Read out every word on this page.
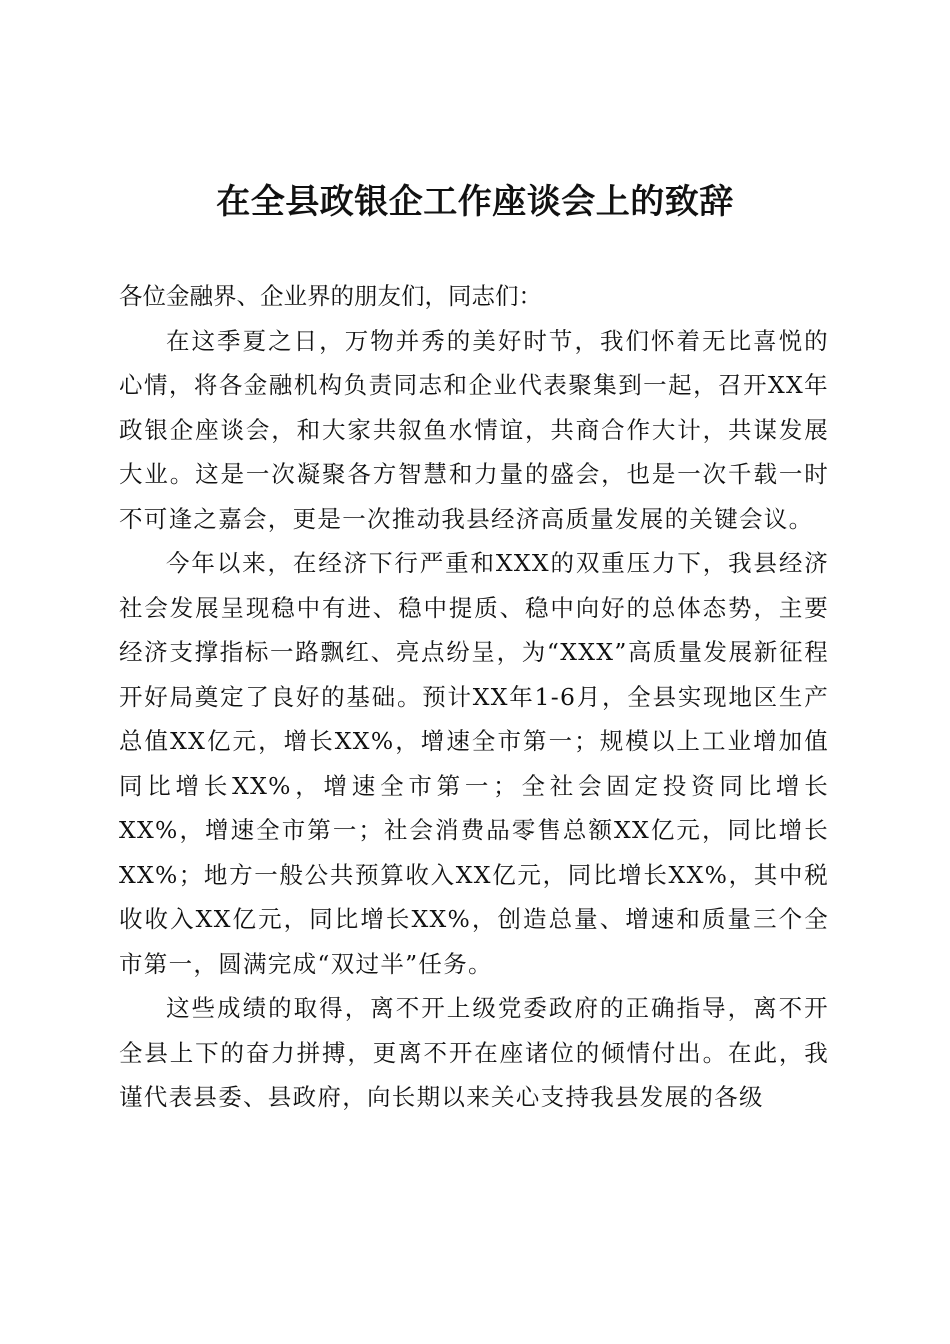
在全县政银企工作座谈会上的致辞

各位金融界、企业界的朋友们，同志们：

在这季夏之日，万物并秀的美好时节，我们怀着无比喜悦的心情，将各金融机构负责同志和企业代表聚集到一起，召开XX年政银企座谈会，和大家共叙鱼水情谊，共商合作大计，共谋发展大业。这是一次凝聚各方智慧和力量的盛会，也是一次千载一时不可逢之嘉会，更是一次推动我县经济高质量发展的关键会议。

今年以来，在经济下行严重和XXX的双重压力下，我县经济社会发展呈现稳中有进、稳中提质、稳中向好的总体态势，主要经济支撑指标一路飘红、亮点纷呈，为“XXX”高质量发展新征程开好局奠定了良好的基础。预计XX年1-6月，全县实现地区生产总值XX亿元，增长XX%，增速全市第一；规模以上工业增加值同比增长XX%，增速全市第一；全社会固定投资同比增长XX%，增速全市第一；社会消费品零售总额XX亿元，同比增长XX%；地方一般公共预算收入XX亿元，同比增长XX%，其中税收收入XX亿元，同比增长XX%，创造总量、增速和质量三个全市第一，圆满完成“双过半”任务。

这些成绩的取得，离不开上级党委政府的正确指导，离不开全县上下的奋力拼搏，更离不开在座诸位的倾情付出。在此，我谨代表县委、县政府，向长期以来关心支持我县发展的各级
